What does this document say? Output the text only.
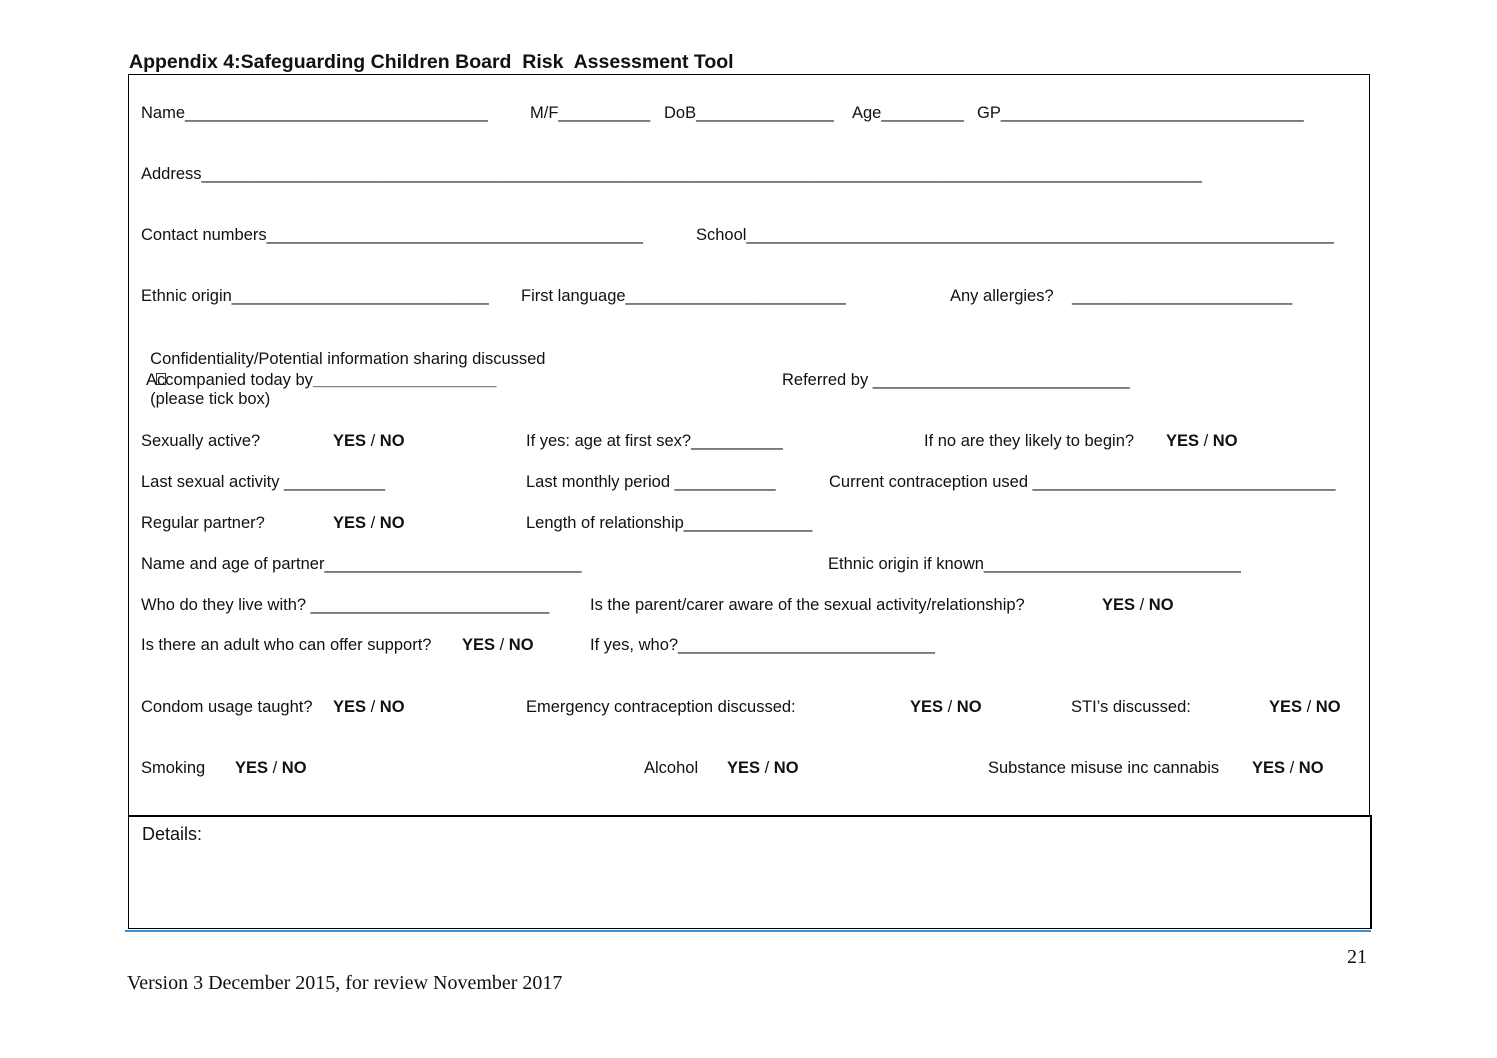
Appendix 4:Safeguarding Children Board  Risk  Assessment Tool
Name_________________________________	M/F__________ DoB_______________ Age_________ GP_________________________________
Address_____________________________________________________________________________________________________________
Contact numbers_________________________________________	School________________________________________________________________
Ethnic origin____________________________ First language________________________	Any allergies?    ________________________

Confidentiality/Potential information sharing discussed

(please tick box)

Accompanied today by____________________	Referred by ____________________________
Sexually active?	YES / NO	If yes: age at first sex?__________	If no are they likely to begin? YES / NO
Last sexual activity ___________	Last monthly period ___________	Current contraception used _________________________________
Regular partner?	YES / NO	Length of relationship______________
Name and age of partner____________________________	Ethnic origin if known____________________________
Who do they live with? __________________________ Is the parent/carer aware of the sexual activity/relationship?	YES / NO
Is there an adult who can offer support? YES / NO	If yes, who?____________________________
Condom usage taught? YES / NO	Emergency contraception discussed:	YES / NO	STI’s discussed:	YES / NO
Smoking YES / NO	Alcohol YES / NO	Substance misuse inc cannabis YES / NO
Details:
21
Version 3 December 2015, for review November 2017
